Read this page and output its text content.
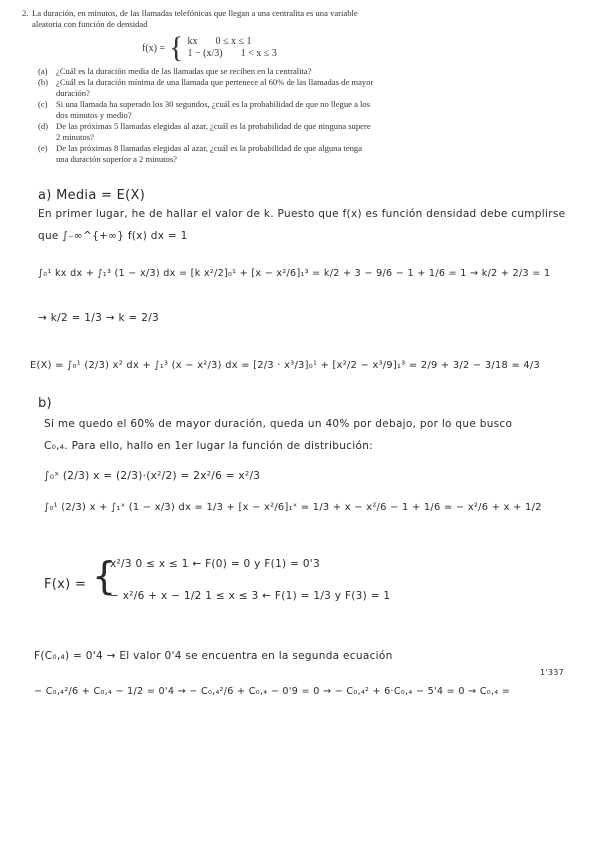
2. La duración, en minutos, de las llamadas telefónicas que llegan a una centralita es una variable
aleatoria con función de densidad
f(x) = { kx 0 ≤ x ≤ 1
1 − (x/3) 1 < x ≤ 3
(a) ¿Cuál es la duración media de las llamadas que se reciben en la centralita?
(b) ¿Cuál es la duración mínima de una llamada que pertenece al 60% de las llamadas de mayor duración?
(c) Si una llamada ha superado los 30 segundos, ¿cuál es la probabilidad de que no llegue a los dos minutos y medio?
(d) De las próximas 5 llamadas elegidas al azar, ¿cuál es la probabilidad de que ninguna supere 2 minutos?
(e) De las próximas 8 llamadas elegidas al azar, ¿cuál es la probabilidad de que alguna tenga una duración superior a 2 minutos?
a) Media = E(X)
En primer lugar, he de hallar el valor de k. Puesto que f(x) es función densidad debe cumplirse
que ∫₋∞^{+∞} f(x) dx = 1
∫₀¹ kx dx + ∫₁³ (1 − x/3) dx = [k x²/2]₀¹ + [x − x²/6]₁³ = k/2 + 3 − 9/6 − 1 + 1/6 = 1 → k/2 + 2/3 = 1
→ k/2 = 1/3 → k = 2/3
E(X) = ∫₀¹ (2/3) x² dx + ∫₁³ (x − x²/3) dx = [2/3 · x³/3]₀¹ + [x²/2 − x³/9]₁³ = 2/9 + 3/2 − 3/18 = 4/3
b)
Si me quedo el 60% de mayor duración, queda un 40% por debajo, por lo que busco
C₀,₄. Para ello, hallo en 1er lugar la función de distribución:
∫₀ˣ (2/3) x = (2/3)·(x²/2) = 2x²/6 = x²/3
∫₀¹ (2/3) x + ∫₁ˣ (1 − x/3) dx = 1/3 + [x − x²/6]₁ˣ = 1/3 + x − x²/6 − 1 + 1/6 = − x²/6 + x + 1/2
F(x) = {
x²/3 0 ≤ x ≤ 1 ← F(0) = 0 y F(1) = 0'3
− x²/6 + x − 1/2 1 ≤ x ≤ 3 ← F(1) = 1/3 y F(3) = 1
F(C₀,₄) = 0'4 → El valor 0'4 se encuentra en la segunda ecuación
− C₀,₄²/6 + C₀,₄ − 1/2 = 0'4 → − C₀,₄²/6 + C₀,₄ − 0'9 = 0 → − C₀,₄² + 6·C₀,₄ − 5'4 = 0 → C₀,₄ =
1'337
